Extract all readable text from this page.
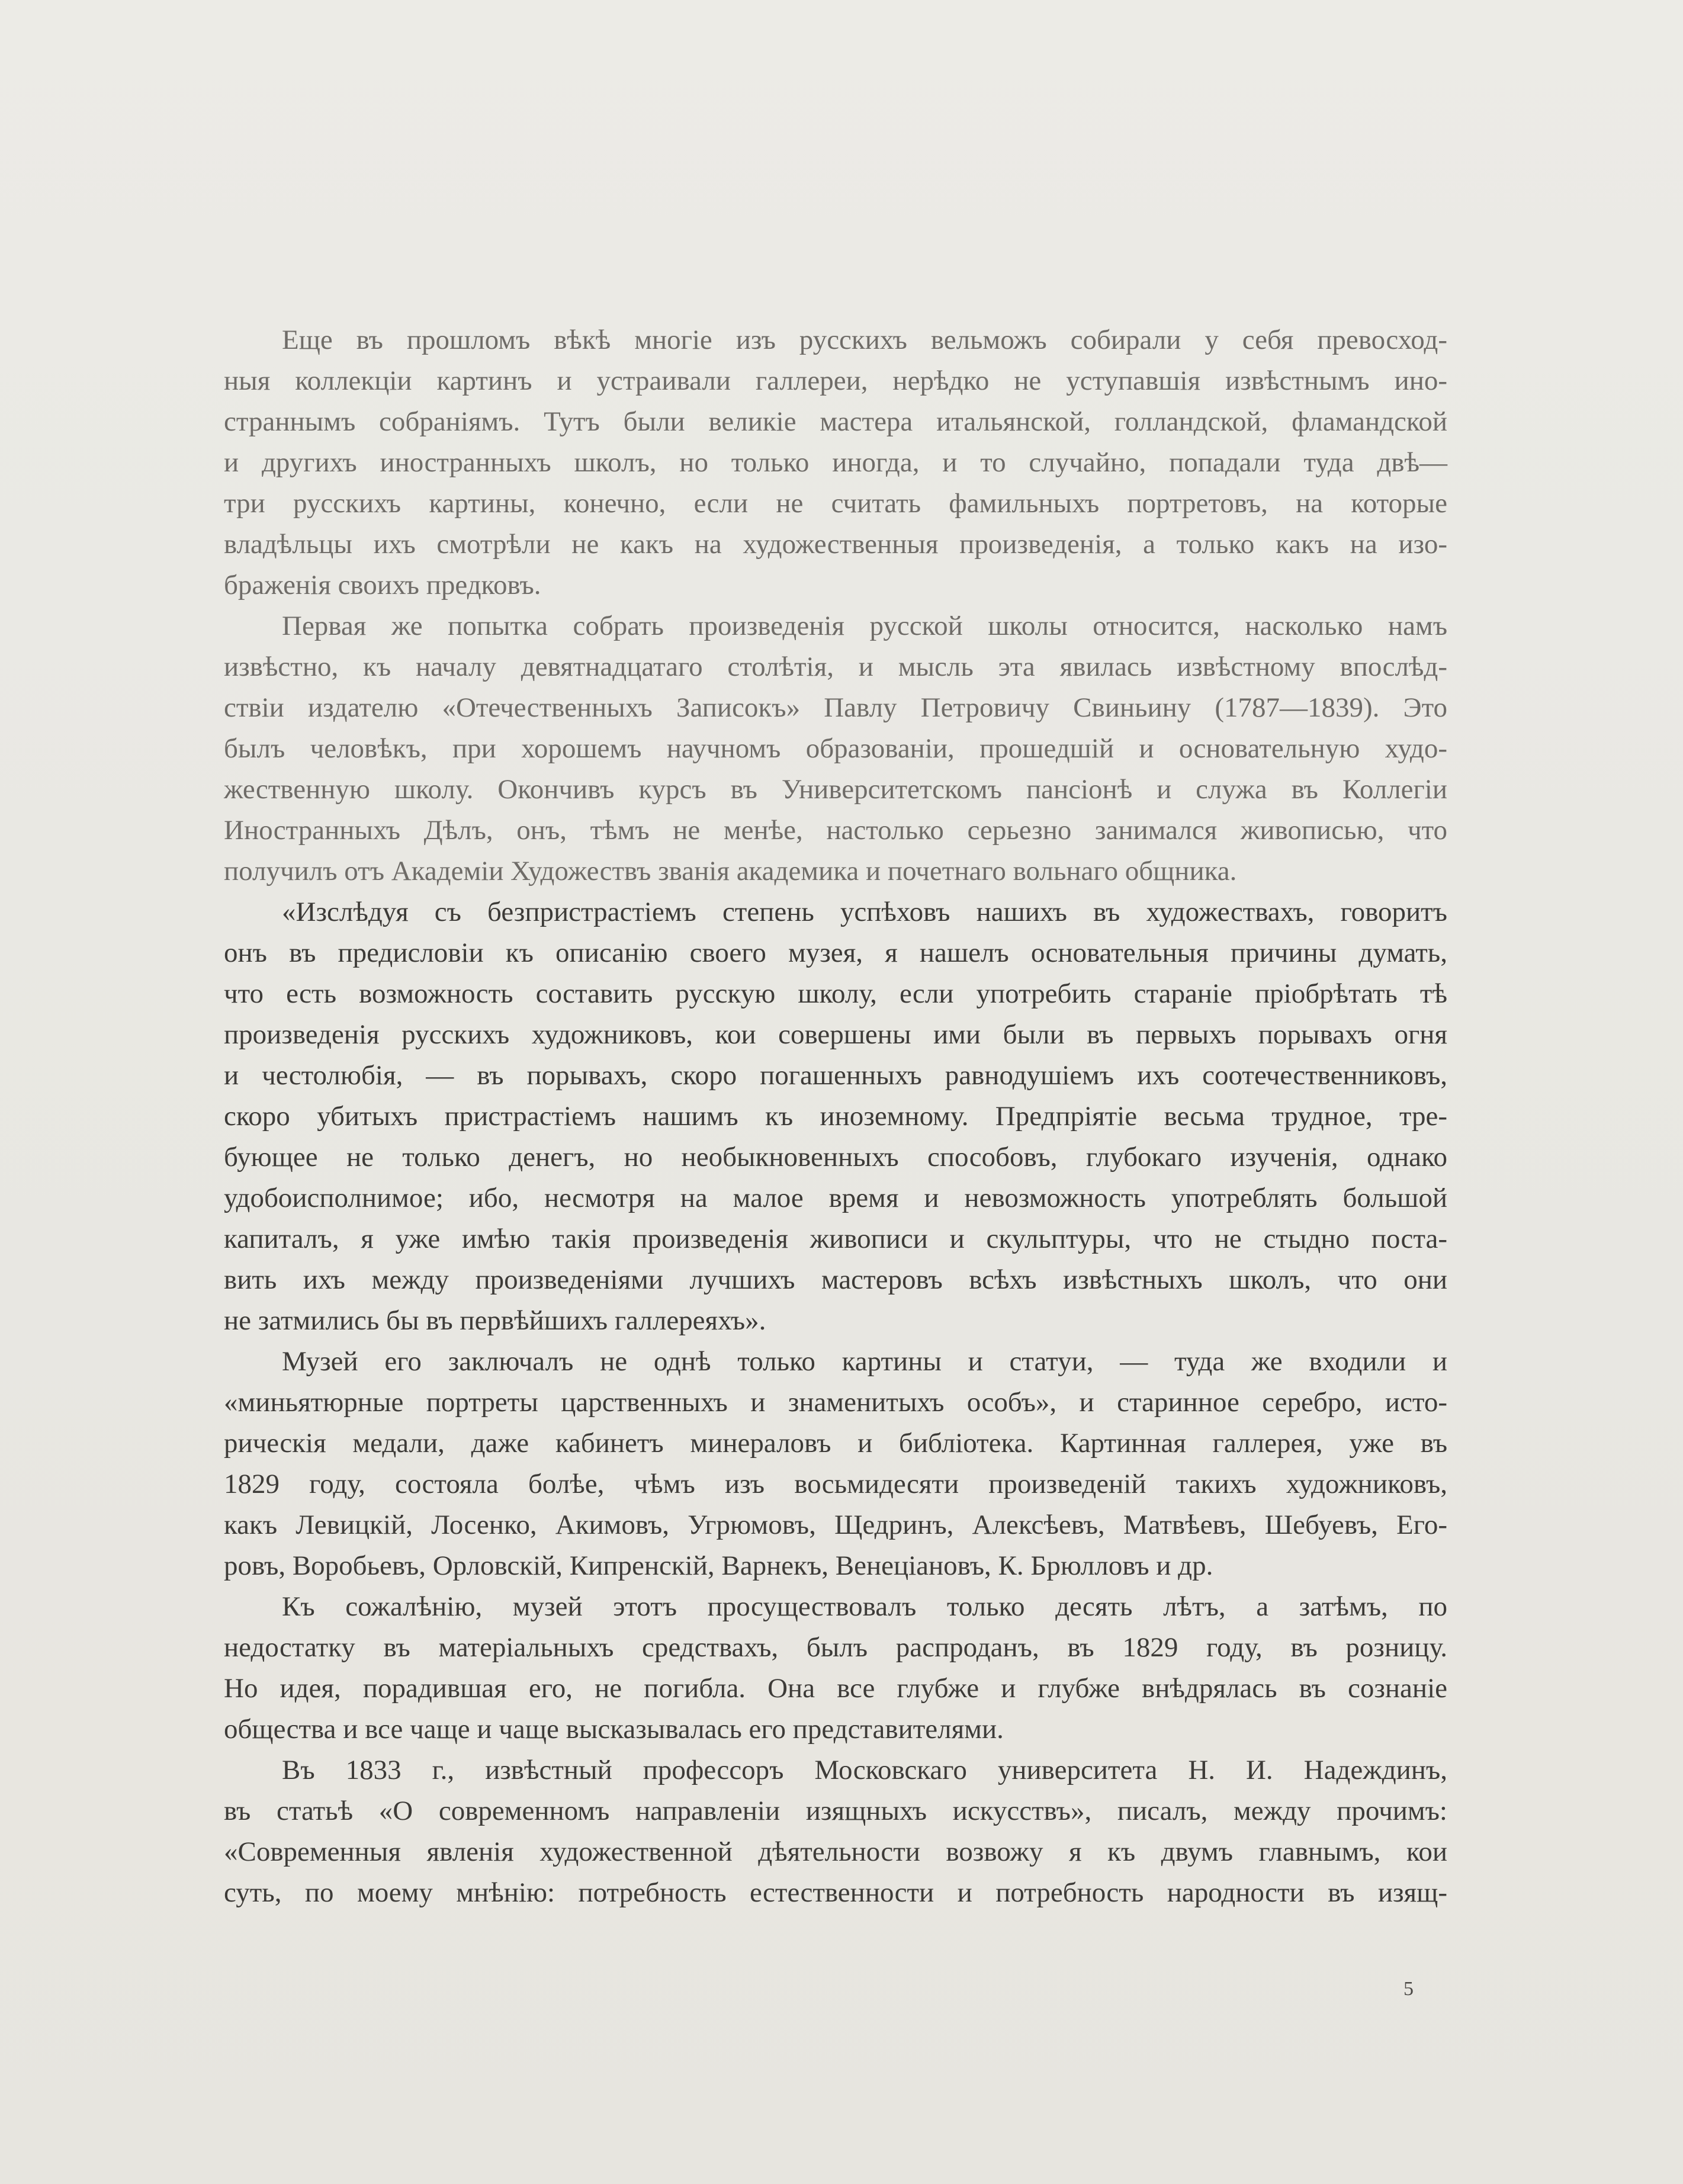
Еще въ прошломъ вѣкѣ многіе изъ русскихъ вельможъ собирали у себя превосход-
ныя коллекціи картинъ и устраивали галлереи, нерѣдко не уступавшія извѣстнымъ ино-
страннымъ собраніямъ. Тутъ были великіе мастера итальянской, голландской, фламандской
и другихъ иностранныхъ школъ, но только иногда, и то случайно, попадали туда двѣ—
три русскихъ картины, конечно, если не считать фамильныхъ портретовъ, на которые
владѣльцы ихъ смотрѣли не какъ на художественныя произведенія, а только какъ на изо-
браженія своихъ предковъ.

Первая же попытка собрать произведенія русской школы относится, насколько намъ
извѣстно, къ началу девятнадцатаго столѣтія, и мысль эта явилась извѣстному впослѣд-
ствіи издателю «Отечественныхъ Записокъ» Павлу Петровичу Свиньину (1787—1839). Это
былъ человѣкъ, при хорошемъ научномъ образованіи, прошедшій и основательную худо-
жественную школу. Окончивъ курсъ въ Университетскомъ пансіонѣ и служа въ Коллегіи
Иностранныхъ Дѣлъ, онъ, тѣмъ не менѣе, настолько серьезно занимался живописью, что
получилъ отъ Академіи Художествъ званія академика и почетнаго вольнаго общника.

«Изслѣдуя съ безпристрастіемъ степень успѣховъ нашихъ въ художествахъ, говоритъ
онъ въ предисловіи къ описанію своего музея, я нашелъ основательныя причины думать,
что есть возможность составить русскую школу, если употребить стараніе пріобрѣтать тѣ
произведенія русскихъ художниковъ, кои совершены ими были въ первыхъ порывахъ огня
и честолюбія, — въ порывахъ, скоро погашенныхъ равнодушіемъ ихъ соотечественниковъ,
скоро убитыхъ пристрастіемъ нашимъ къ иноземному. Предпріятіе весьма трудное, тре-
бующее не только денегъ, но необыкновенныхъ способовъ, глубокаго изученія, однако
удобоисполнимое; ибо, несмотря на малое время и невозможность употреблять большой
капиталъ, я уже имѣю такія произведенія живописи и скульптуры, что не стыдно поста-
вить ихъ между произведеніями лучшихъ мастеровъ всѣхъ извѣстныхъ школъ, что они
не затмились бы въ первѣйшихъ галлереяхъ».

Музей его заключалъ не однѣ только картины и статуи, — туда же входили и
«миньятюрные портреты царственныхъ и знаменитыхъ особъ», и старинное серебро, исто-
рическія медали, даже кабинетъ минераловъ и библіотека. Картинная галлерея, уже въ
1829 году, состояла болѣе, чѣмъ изъ восьмидесяти произведеній такихъ художниковъ,
какъ Левицкій, Лосенко, Акимовъ, Угрюмовъ, Щедринъ, Алексѣевъ, Матвѣевъ, Шебуевъ, Его-
ровъ, Воробьевъ, Орловскій, Кипренскій, Варнекъ, Венеціановъ, К. Брюлловъ и др.

Къ сожалѣнію, музей этотъ просуществовалъ только десять лѣтъ, а затѣмъ, по
недостатку въ матеріальныхъ средствахъ, былъ распроданъ, въ 1829 году, въ розницу.
Но идея, порадившая его, не погибла. Она все глубже и глубже внѣдрялась въ сознаніе
общества и все чаще и чаще высказывалась его представителями.

Въ 1833 г., извѣстный профессоръ Московскаго университета Н. И. Надеждинъ,
въ статьѣ «О современномъ направленіи изящныхъ искусствъ», писалъ, между прочимъ:
«Современныя явленія художественной дѣятельности возвожу я къ двумъ главнымъ, кои
суть, по моему мнѣнію: потребность естественности и потребность народности въ изящ-

5
